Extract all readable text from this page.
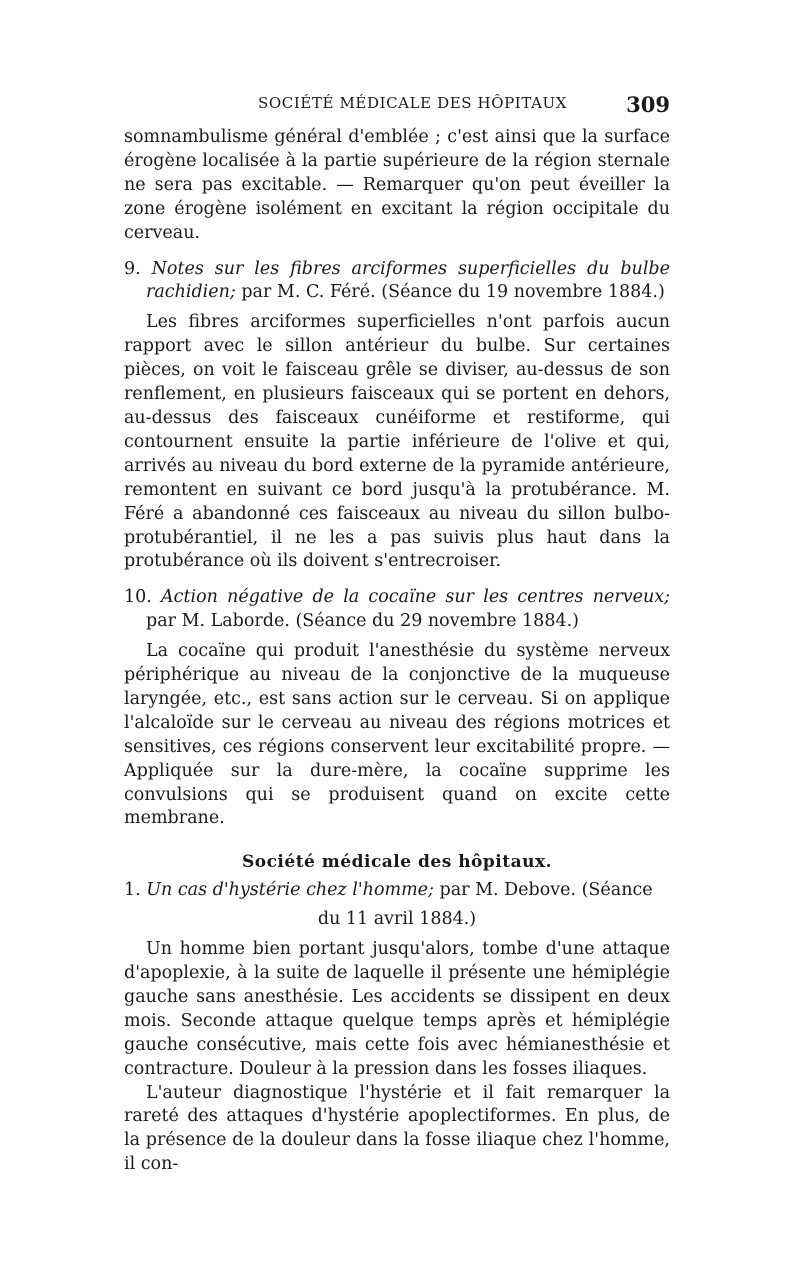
SOCIÉTÉ MÉDICALE DES HÔPITAUX	309

somnambulisme général d'emblée ; c'est ainsi que la surface érogène localisée à la partie supérieure de la région sternale ne sera pas excitable. — Remarquer qu'on peut éveiller la zone érogène isolément en excitant la région occipitale du cerveau.

9. Notes sur les fibres arciformes superficielles du bulbe rachidien; par M. C. Féré. (Séance du 19 novembre 1884.)

Les fibres arciformes superficielles n'ont parfois aucun rapport avec le sillon antérieur du bulbe. Sur certaines pièces, on voit le faisceau grêle se diviser, au-dessus de son renflement, en plusieurs faisceaux qui se portent en dehors, au-dessus des faisceaux cunéiforme et restiforme, qui contournent ensuite la partie inférieure de l'olive et qui, arrivés au niveau du bord externe de la pyramide antérieure, remontent en suivant ce bord jusqu'à la protubérance. M. Féré a abandonné ces faisceaux au niveau du sillon bulbo-protubérantiel, il ne les a pas suivis plus haut dans la protubérance où ils doivent s'entrecroiser.

10. Action négative de la cocaïne sur les centres nerveux; par M. Laborde. (Séance du 29 novembre 1884.)

La cocaïne qui produit l'anesthésie du système nerveux périphérique au niveau de la conjonctive de la muqueuse laryngée, etc., est sans action sur le cerveau. Si on applique l'alcaloïde sur le cerveau au niveau des régions motrices et sensitives, ces régions conservent leur excitabilité propre. — Appliquée sur la dure-mère, la cocaïne supprime les convulsions qui se produisent quand on excite cette membrane.

Société médicale des hôpitaux.

1. Un cas d'hystérie chez l'homme; par M. Debove. (Séance

du 11 avril 1884.)

Un homme bien portant jusqu'alors, tombe d'une attaque d'apoplexie, à la suite de laquelle il présente une hémiplégie gauche sans anesthésie. Les accidents se dissipent en deux mois. Seconde attaque quelque temps après et hémiplégie gauche consécutive, mais cette fois avec hémianesthésie et contracture. Douleur à la pression dans les fosses iliaques.

L'auteur diagnostique l'hystérie et il fait remarquer la rareté des attaques d'hystérie apoplectiformes. En plus, de la présence de la douleur dans la fosse iliaque chez l'homme, il con-
